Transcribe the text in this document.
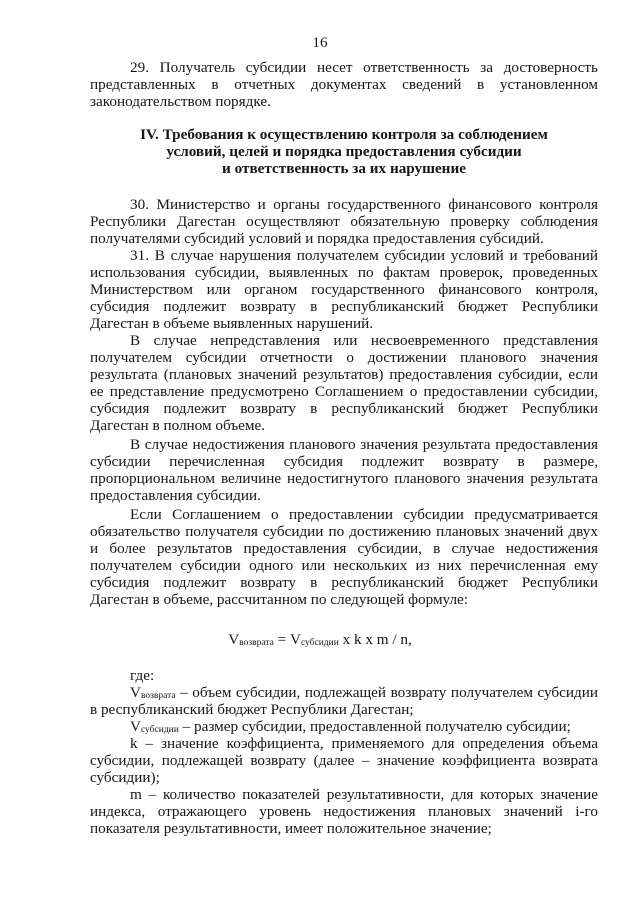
16
29. Получатель субсидии несет ответственность за достоверность
представленных в отчетных документах сведений в установленном
законодательством порядке.
IV. Требования к осуществлению контроля за соблюдением
условий, целей и порядка предоставления субсидии
и ответственность за их нарушение
30. Министерство и органы государственного финансового контроля
Республики Дагестан осуществляют обязательную проверку соблюдения
получателями субсидий условий и порядка предоставления субсидий.
31. В случае нарушения получателем субсидии условий и требований
использования субсидии, выявленных по фактам проверок, проведенных
Министерством или органом государственного финансового контроля,
субсидия подлежит возврату в республиканский бюджет Республики
Дагестан в объеме выявленных нарушений.
В случае непредставления или несвоевременного представления
получателем субсидии отчетности о достижении планового значения
результата (плановых значений результатов) предоставления субсидии, если
ее представление предусмотрено Соглашением о предоставлении субсидии,
субсидия подлежит возврату в республиканский бюджет Республики
Дагестан в полном объеме.
В случае недостижения планового значения результата предоставления
субсидии перечисленная субсидия подлежит возврату в размере,
пропорциональном величине недостигнутого планового значения результата
предоставления субсидии.
Если Соглашением о предоставлении субсидии предусматривается
обязательство получателя субсидии по достижению плановых значений двух
и более результатов предоставления субсидии, в случае недостижения
получателем субсидии одного или нескольких из них перечисленная ему
субсидия подлежит возврату в республиканский бюджет Республики
Дагестан в объеме, рассчитанном по следующей формуле:
$V_{возврата} = V_{субсидии}$ x k x m / n,
где:
$V_{возврата}$ – объем субсидии, подлежащей возврату получателем субсидии
в республиканский бюджет Республики Дагестан;
$V_{субсидии}$ – размер субсидии, предоставленной получателю субсидии;
k – значение коэффициента, применяемого для определения объема
субсидии, подлежащей возврату (далее – значение коэффициента возврата
субсидии);
m – количество показателей результативности, для которых значение
индекса, отражающего уровень недостижения плановых значений i-го
показателя результативности, имеет положительное значение;
